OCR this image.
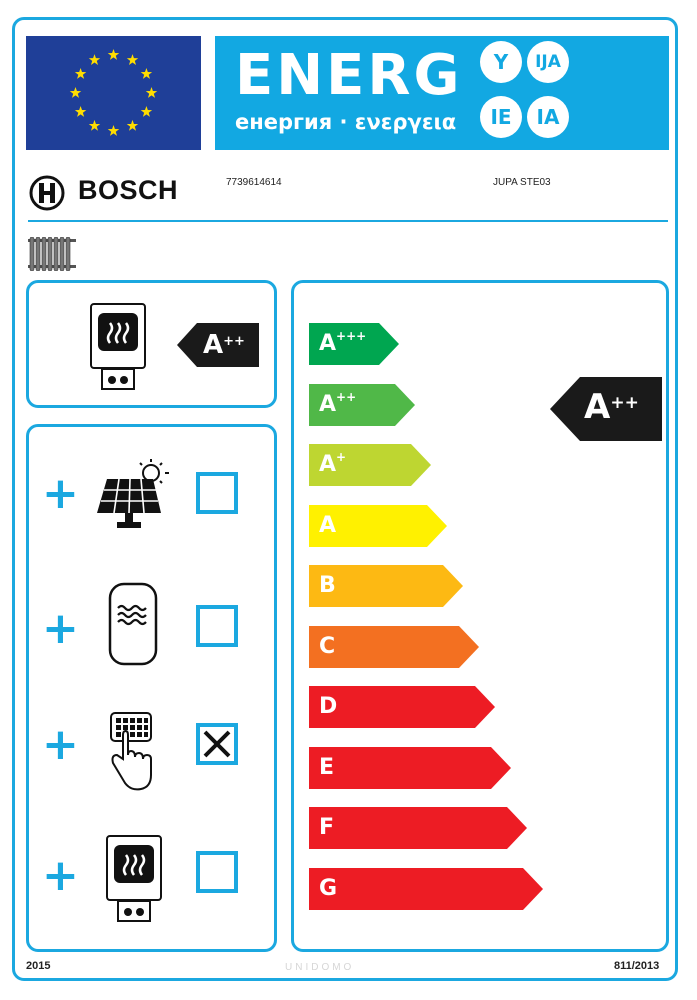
ENERG
енергия · ενεργεια
Y	IJA
IE	IA
BOSCH	7739614614	JUPA STE03
A++
+
+
+
+
A+++
A++
A+
A
B
C
D
E
F
G
A++
2015	UNIDOMO	811/2013
